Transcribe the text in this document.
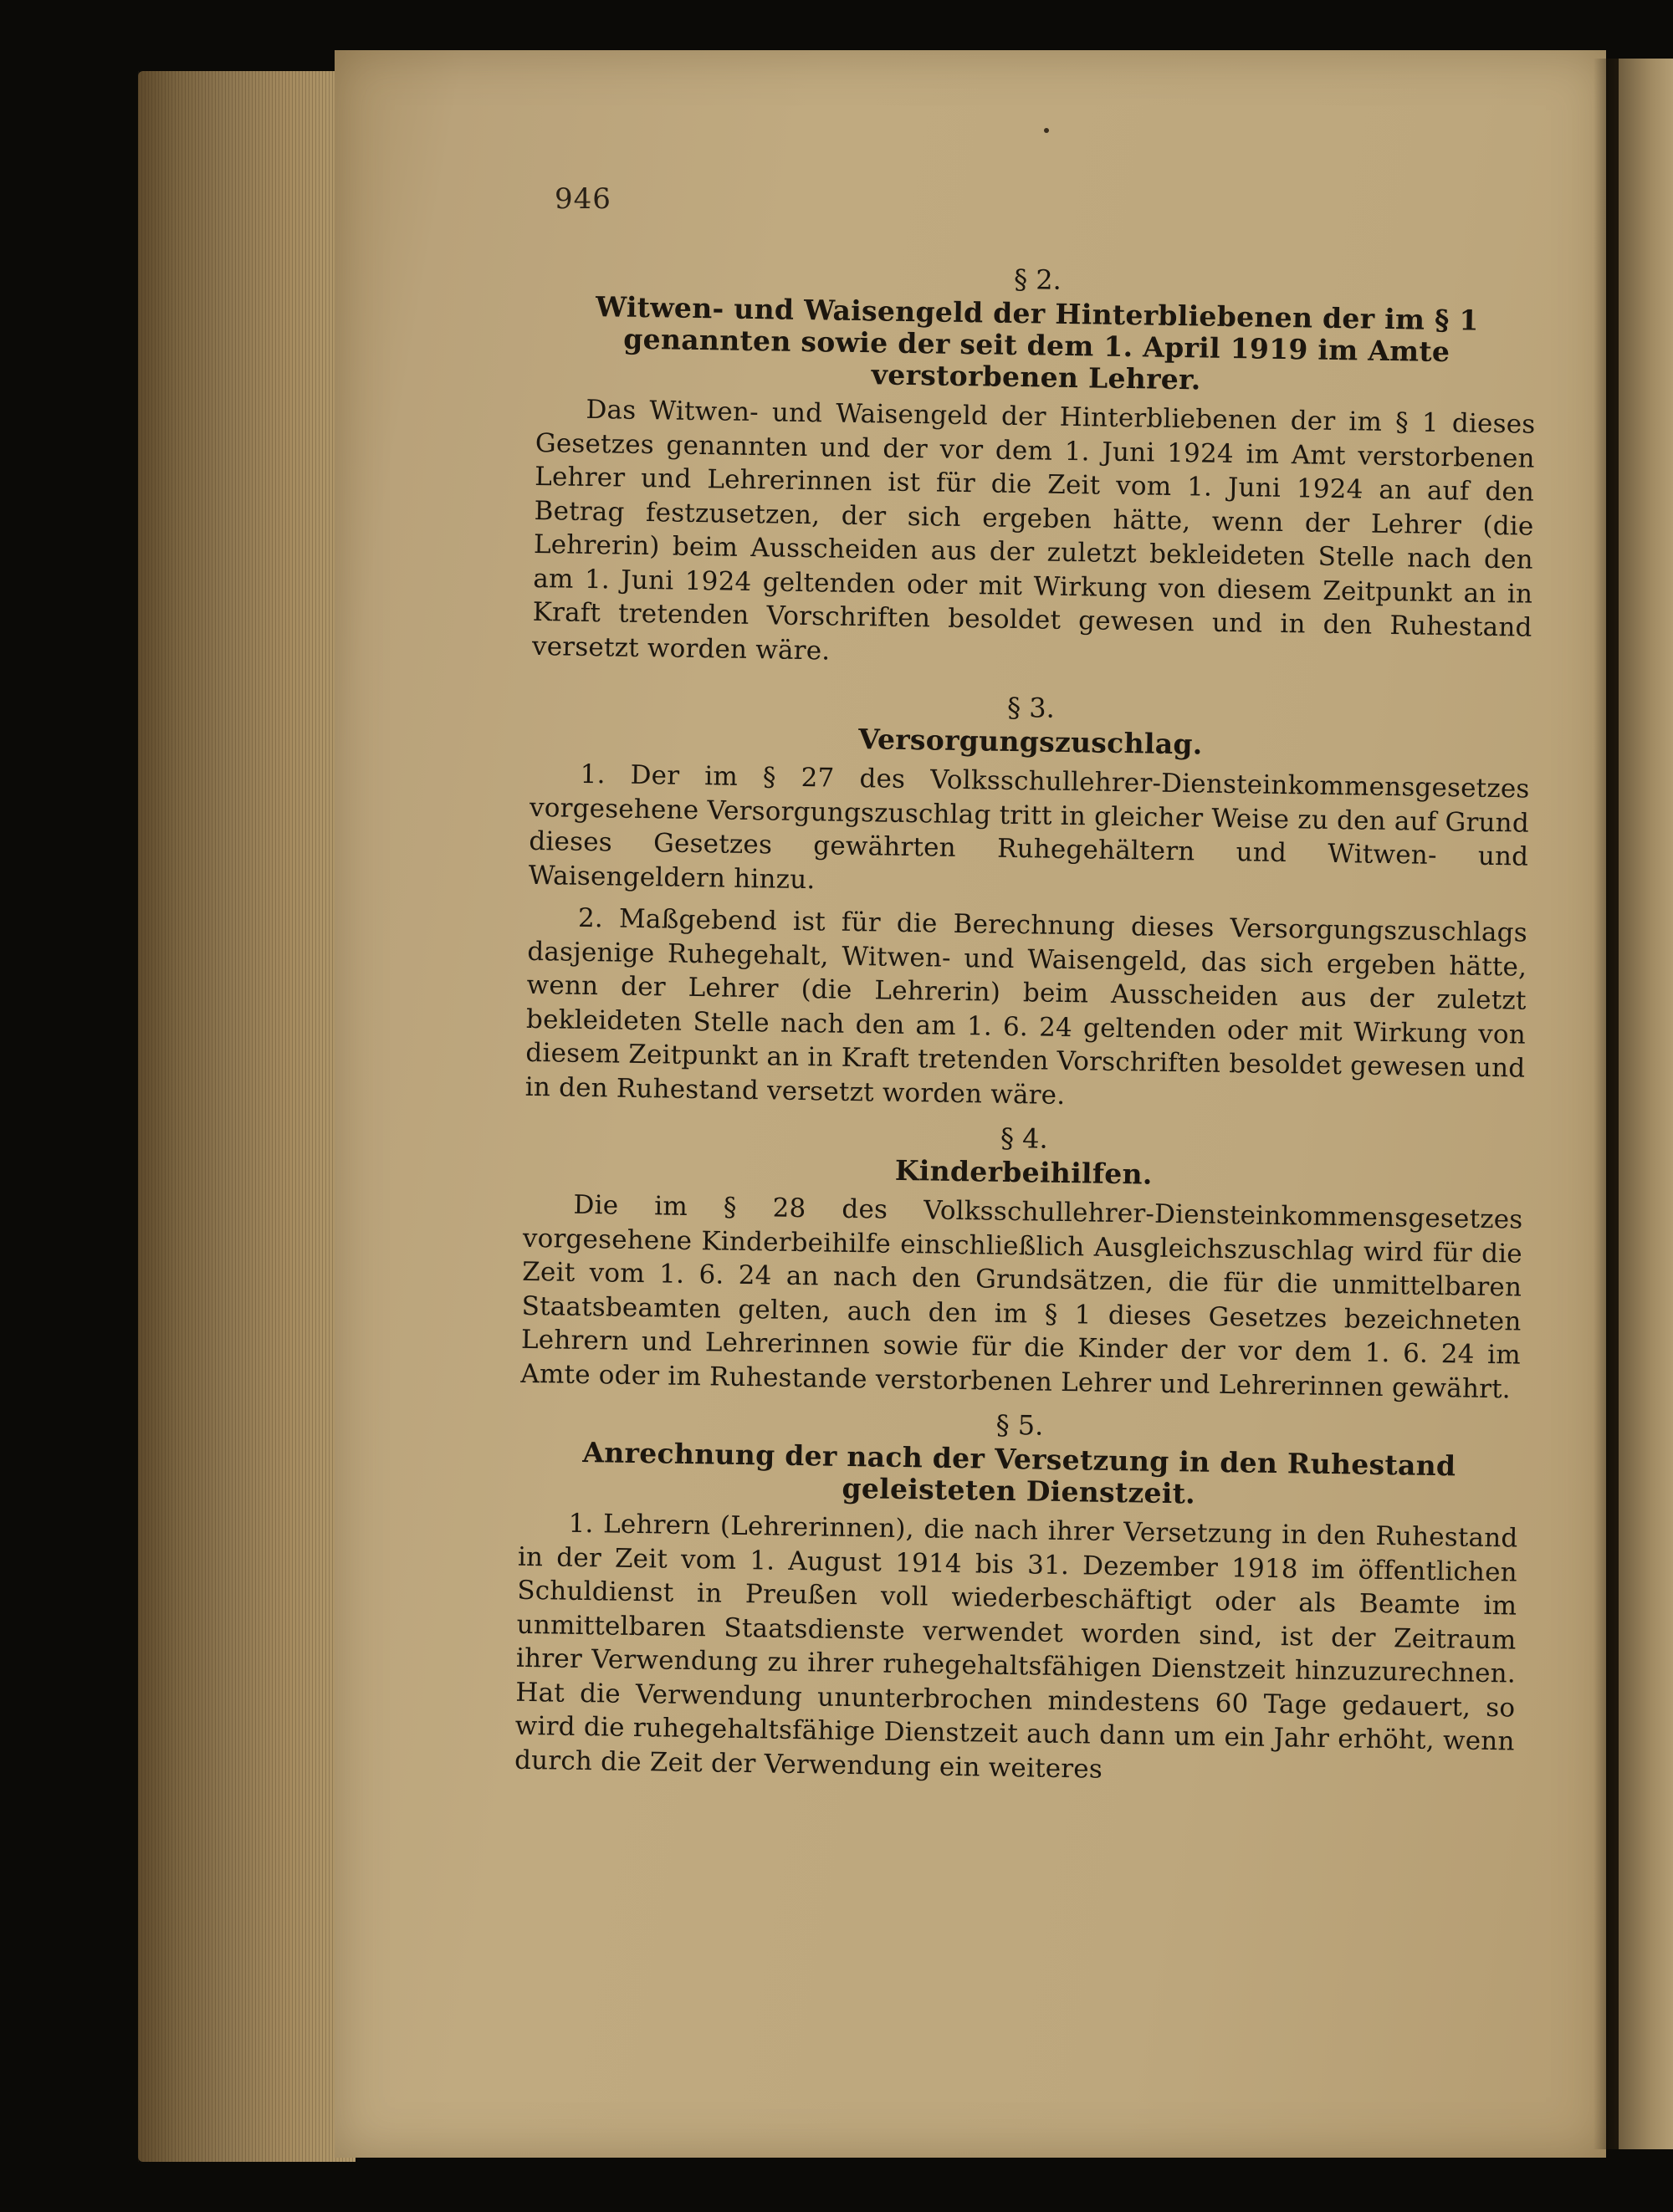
946

§ 2.

Witwen- und Waisengeld der Hinterbliebenen der im § 1 genannten sowie der seit dem 1. April 1919 im Amte verstorbenen Lehrer.

Das Witwen- und Waisengeld der Hinterbliebenen der im § 1 dieses Gesetzes genannten und der vor dem 1. Juni 1924 im Amt verstorbenen Lehrer und Lehrerinnen ist für die Zeit vom 1. Juni 1924 an auf den Betrag festzusetzen, der sich ergeben hätte, wenn der Lehrer (die Lehrerin) beim Ausscheiden aus der zuletzt bekleideten Stelle nach den am 1. Juni 1924 geltenden oder mit Wirkung von diesem Zeitpunkt an in Kraft tretenden Vorschriften besoldet gewesen und in den Ruhestand versetzt worden wäre.

§ 3.

Versorgungszuschlag.

1. Der im § 27 des Volksschullehrer-Diensteinkommensgesetzes vorgesehene Versorgungszuschlag tritt in gleicher Weise zu den auf Grund dieses Gesetzes gewährten Ruhegehältern und Witwen- und Waisengeldern hinzu.

2. Maßgebend ist für die Berechnung dieses Versorgungszuschlags dasjenige Ruhegehalt, Witwen- und Waisengeld, das sich ergeben hätte, wenn der Lehrer (die Lehrerin) beim Ausscheiden aus der zuletzt bekleideten Stelle nach den am 1. 6. 24 geltenden oder mit Wirkung von diesem Zeitpunkt an in Kraft tretenden Vorschriften besoldet gewesen und in den Ruhestand versetzt worden wäre.

§ 4.

Kinderbeihilfen.

Die im § 28 des Volksschullehrer-Diensteinkommensgesetzes vorgesehene Kinderbeihilfe einschließlich Ausgleichszuschlag wird für die Zeit vom 1. 6. 24 an nach den Grundsätzen, die für die unmittelbaren Staatsbeamten gelten, auch den im § 1 dieses Gesetzes bezeichneten Lehrern und Lehrerinnen sowie für die Kinder der vor dem 1. 6. 24 im Amte oder im Ruhestande verstorbenen Lehrer und Lehrerinnen gewährt.

§ 5.

Anrechnung der nach der Versetzung in den Ruhestand geleisteten Dienstzeit.

1. Lehrern (Lehrerinnen), die nach ihrer Versetzung in den Ruhestand in der Zeit vom 1. August 1914 bis 31. Dezember 1918 im öffentlichen Schuldienst in Preußen voll wiederbeschäftigt oder als Beamte im unmittelbaren Staatsdienste verwendet worden sind, ist der Zeitraum ihrer Verwendung zu ihrer ruhegehaltsfähigen Dienstzeit hinzuzurechnen. Hat die Verwendung ununterbrochen mindestens 60 Tage gedauert, so wird die ruhegehaltsfähige Dienstzeit auch dann um ein Jahr erhöht, wenn durch die Zeit der Verwendung ein weiteres
